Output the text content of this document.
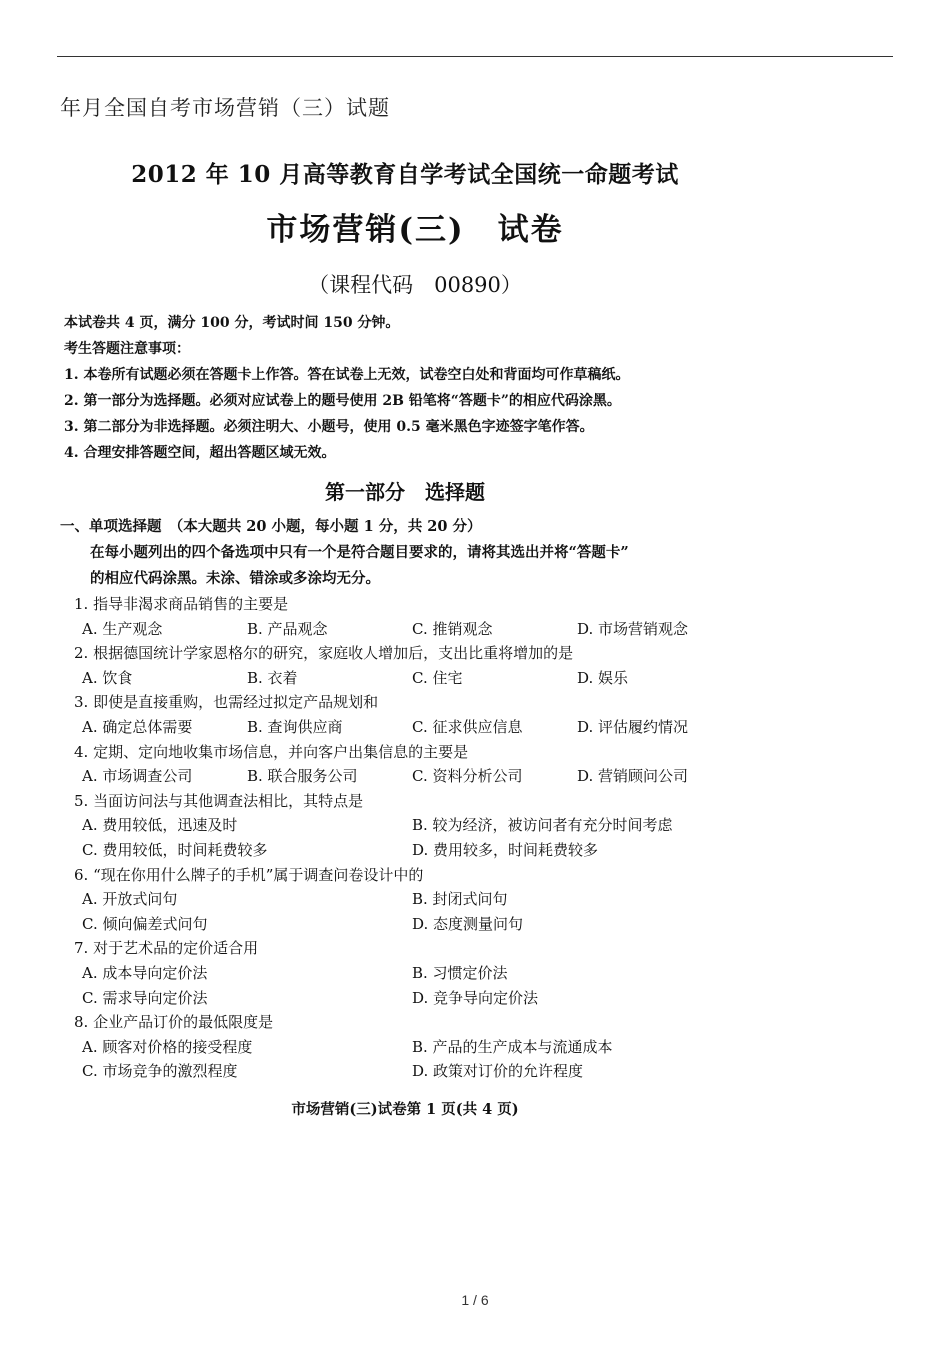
年月全国自考市场营销（三）试题
2012 年 10 月高等教育自学考试全国统一命题考试
市场营销(三)　试卷
（课程代码　00890）
本试卷共 4 页，满分 100 分，考试时间 150 分钟。
考生答题注意事项：
1. 本卷所有试题必须在答题卡上作答。答在试卷上无效，试卷空白处和背面均可作草稿纸。
2. 第一部分为选择题。必须对应试卷上的题号使用 2B 铅笔将“答题卡”的相应代码涂黑。
3. 第二部分为非选择题。必须注明大、小题号，使用 0.5 毫米黑色字迹签字笔作答。
4. 合理安排答题空间，超出答题区域无效。
第一部分　选择题
一、单项选择题　（本大题共 20 小题，每小题 1 分，共 20 分）
在每小题列出的四个备选项中只有一个是符合题目要求的，请将其选出并将“答题卡”
的相应代码涂黑。未涂、错涂或多涂均无分。
1. 指导非渴求商品销售的主要是
A. 生产观念	B. 产品观念	C. 推销观念	D. 市场营销观念
2. 根据德国统计学家恩格尔的研究，家庭收人增加后，支出比重将增加的是
A. 饮食	B. 衣着	C. 住宅	D. 娱乐
3. 即使是直接重购，也需经过拟定产品规划和
A. 确定总体需要	B. 查询供应商	C. 征求供应信息	D. 评估履约情况
4. 定期、定向地收集市场信息，并向客户出集信息的主要是
A. 市场调查公司	B. 联合服务公司	C. 资料分析公司	D. 营销顾问公司
5. 当面访问法与其他调查法相比，其特点是
A. 费用较低，迅速及时	B. 较为经济，被访问者有充分时间考虑
C. 费用较低，时间耗费较多	D. 费用较多，时间耗费较多
6. “现在你用什么牌子的手机”属于调查问卷设计中的
A. 开放式问句	B. 封闭式问句
C. 倾向偏差式问句	D. 态度测量问句
7. 对于艺术品的定价适合用
A. 成本导向定价法	B. 习惯定价法
C. 需求导向定价法	D. 竞争导向定价法
8. 企业产品订价的最低限度是
A. 顾客对价格的接受程度	B. 产品的生产成本与流通成本
C. 市场竞争的激烈程度	D. 政策对订价的允许程度
市场营销(三)试卷第 1 页(共 4 页)
1 / 6
